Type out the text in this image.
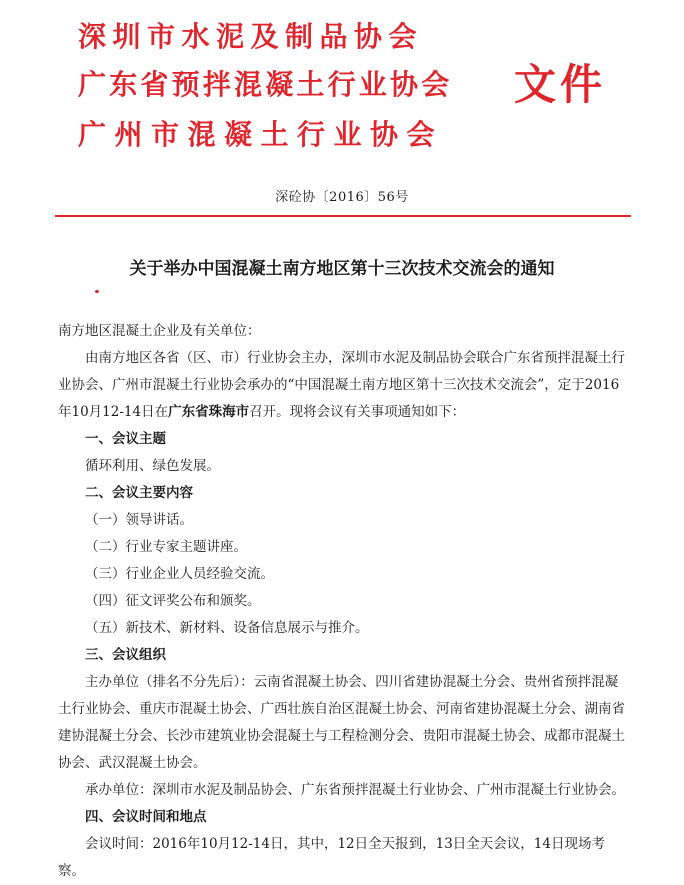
深圳市水泥及制品协会
广东省预拌混凝土行业协会
广州市混凝土行业协会
文件
深砼协〔2016〕56号
关于举办中国混凝土南方地区第十三次技术交流会的通知

南方地区混凝土企业及有关单位：

由南方地区各省（区、市）行业协会主办，深圳市水泥及制品协会联合广东省预拌混凝土行业协会、广州市混凝土行业协会承办的“中国混凝土南方地区第十三次技术交流会”，定于2016年10月12-14日在广东省珠海市召开。现将会议有关事项通知如下：

一、会议主题

循环利用、绿色发展。

二、会议主要内容

（一）领导讲话。

（二）行业专家主题讲座。

（三）行业企业人员经验交流。

（四）征文评奖公布和颁奖。

（五）新技术、新材料、设备信息展示与推介。

三、会议组织

主办单位（排名不分先后）：云南省混凝土协会、四川省建协混凝土分会、贵州省预拌混凝土行业协会、重庆市混凝土协会、广西壮族自治区混凝土协会、河南省建协混凝土分会、湖南省建协混凝土分会、长沙市建筑业协会混凝土与工程检测分会、贵阳市混凝土协会、成都市混凝土协会、武汉混凝土协会。

承办单位：深圳市水泥及制品协会、广东省预拌混凝土行业协会、广州市混凝土行业协会。

四、会议时间和地点

会议时间：2016年10月12-14日，其中，12日全天报到，13日全天会议，14日现场考察。
